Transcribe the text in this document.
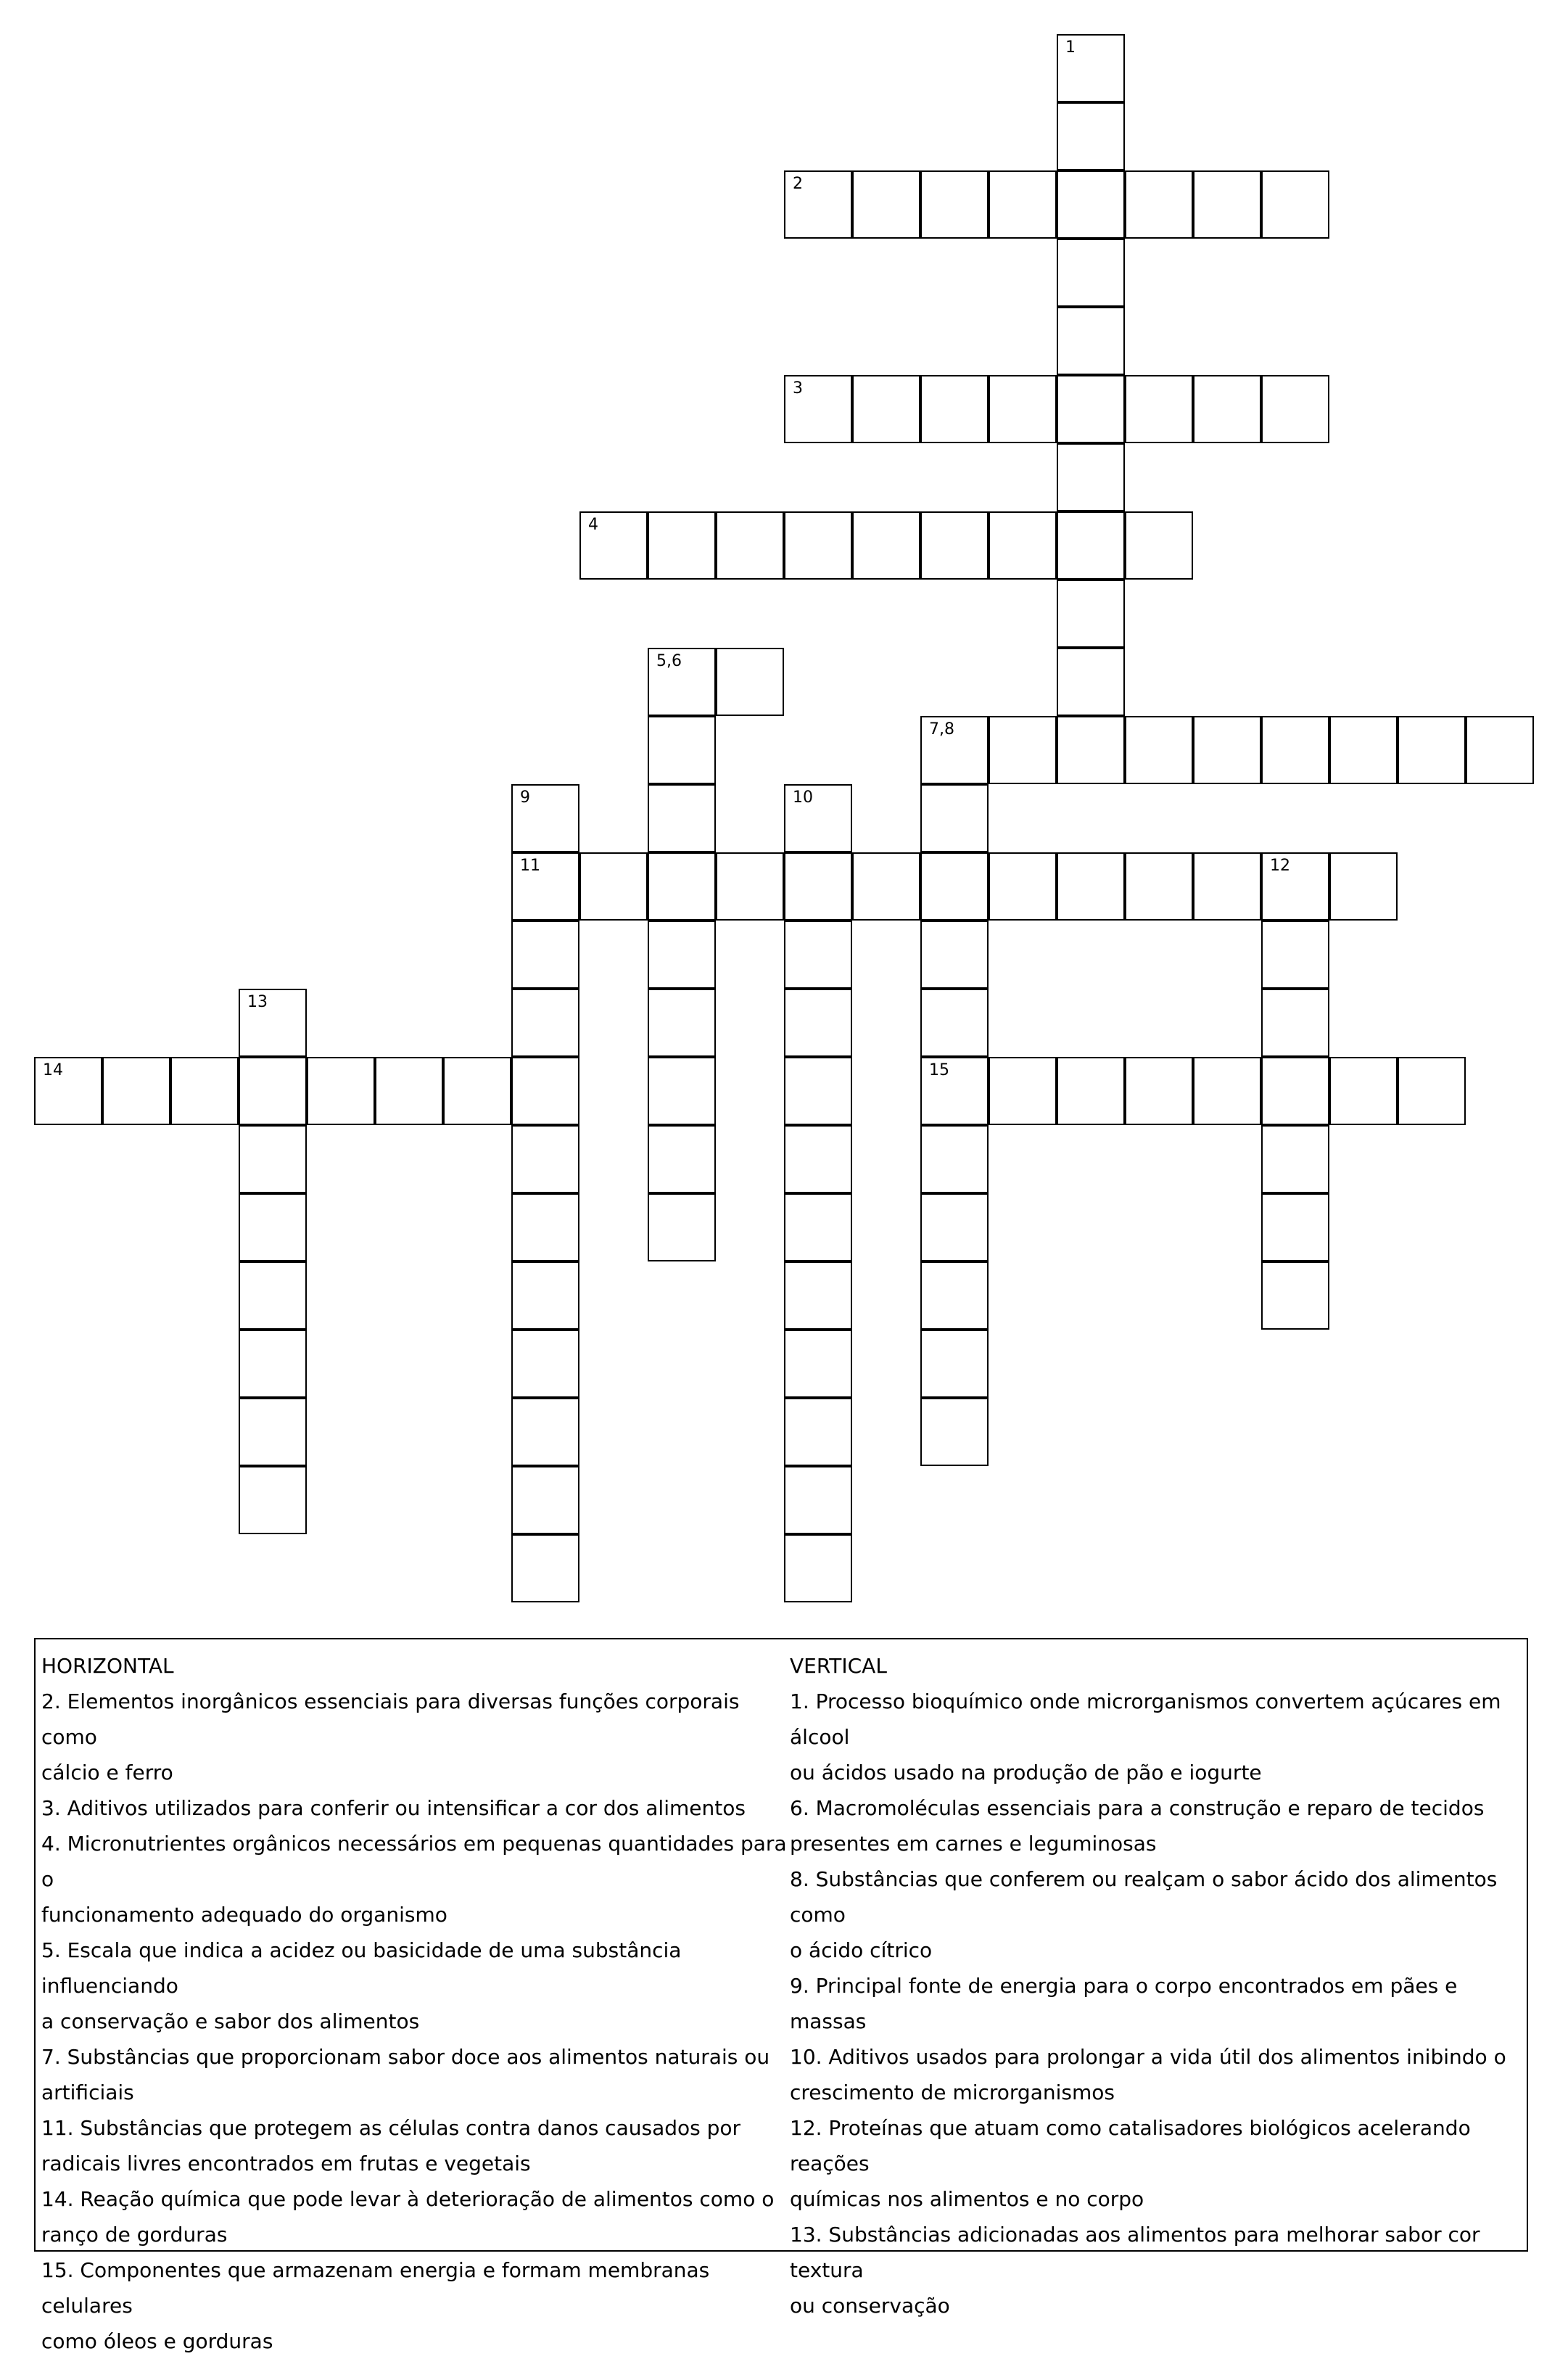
1
2
3
4
5,6
7,8
9	10
11	12
13
14	15
HORIZONTAL
2. Elementos inorgânicos essenciais para diversas funções corporais como
cálcio e ferro
3. Aditivos utilizados para conferir ou intensificar a cor dos alimentos
4. Micronutrientes orgânicos necessários em pequenas quantidades para o
funcionamento adequado do organismo
5. Escala que indica a acidez ou basicidade de uma substância influenciando
a conservação e sabor dos alimentos
7. Substâncias que proporcionam sabor doce aos alimentos naturais ou
artificiais
11. Substâncias que protegem as células contra danos causados por
radicais livres encontrados em frutas e vegetais
14. Reação química que pode levar à deterioração de alimentos como o
ranço de gorduras
15. Componentes que armazenam energia e formam membranas celulares
como óleos e gorduras
VERTICAL
1. Processo bioquímico onde microrganismos convertem açúcares em álcool
ou ácidos usado na produção de pão e iogurte
6. Macromoléculas essenciais para a construção e reparo de tecidos
presentes em carnes e leguminosas
8. Substâncias que conferem ou realçam o sabor ácido dos alimentos como
o ácido cítrico
9. Principal fonte de energia para o corpo encontrados em pães e massas
10. Aditivos usados para prolongar a vida útil dos alimentos inibindo o
crescimento de microrganismos
12. Proteínas que atuam como catalisadores biológicos acelerando reações
químicas nos alimentos e no corpo
13. Substâncias adicionadas aos alimentos para melhorar sabor cor textura
ou conservação
